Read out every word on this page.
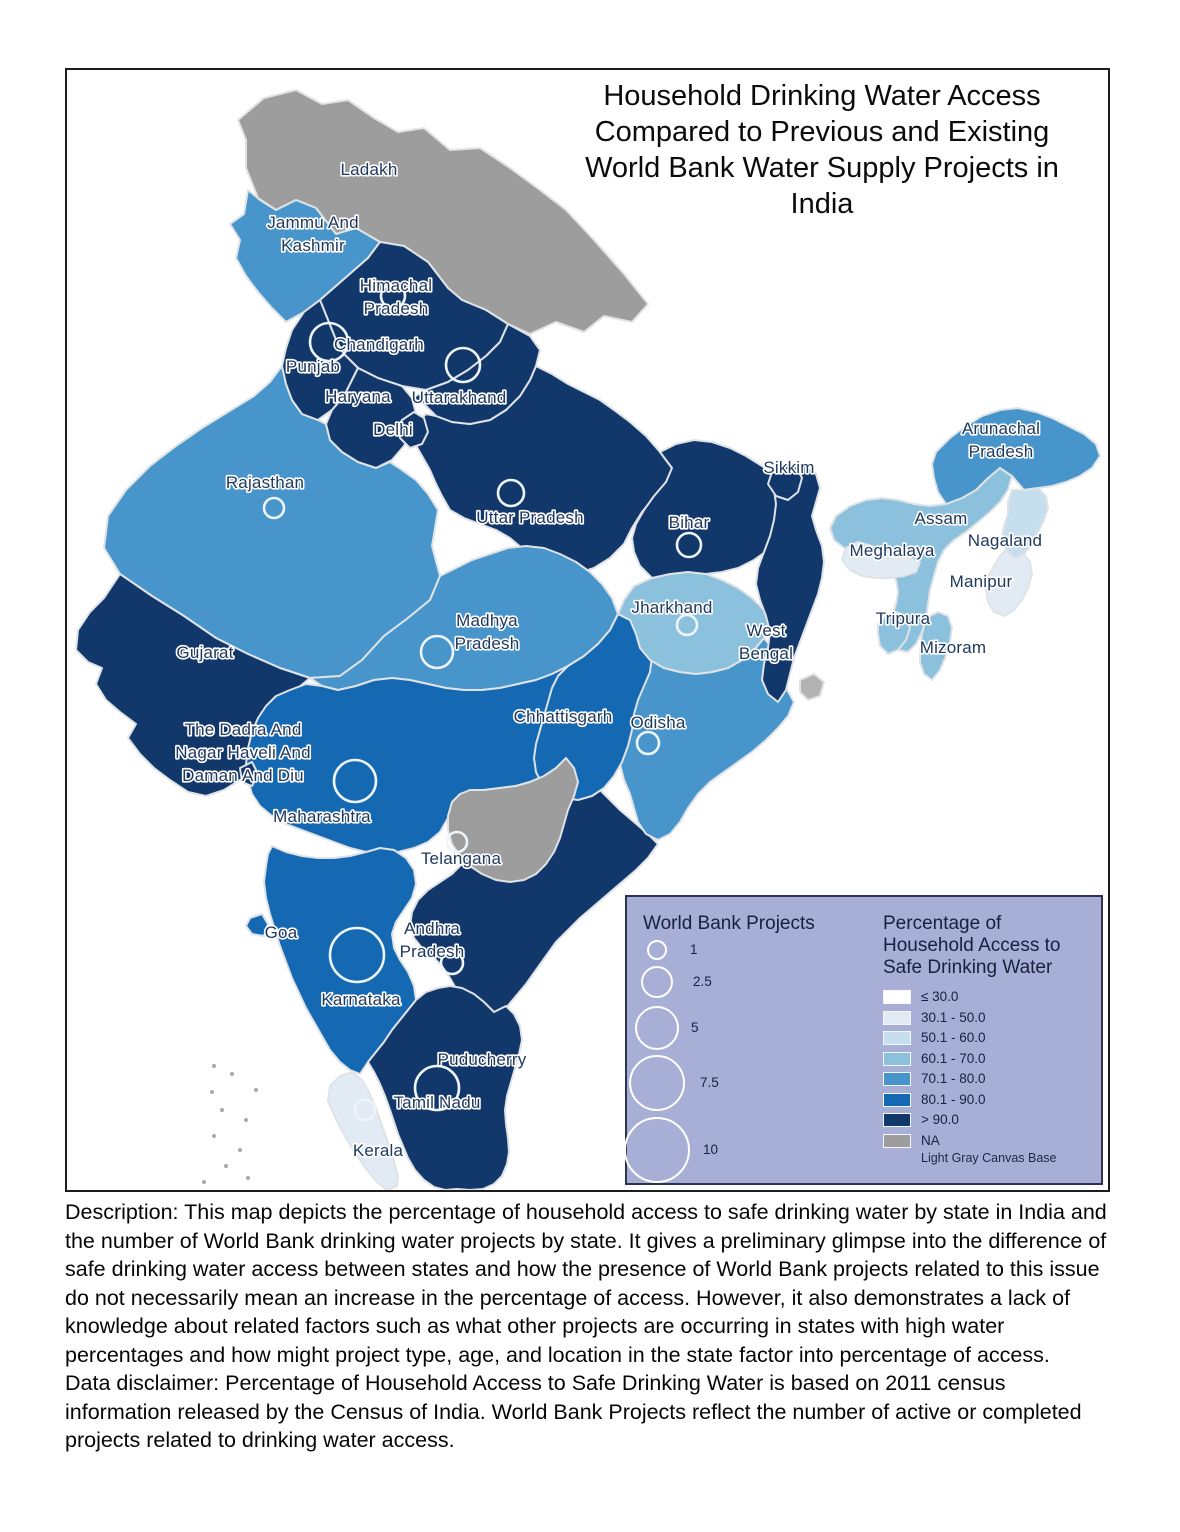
Ladakh
Jammu And Kashmir
Himachal Pradesh
Punjab
Chandigarh
Haryana Uttarakhand
Delhi
Rajasthan
Uttar Pradesh	Bihar
Sikkim
West Bengal
Jharkhand
Arunachal Pradesh
Assam
Meghalaya
Nagaland
Manipur
Tripura
Mizoram
Madhya Pradesh
Gujarat
Chhattisgarh Odisha
The Dadra And Nagar Haveli And Daman And Diu
Maharashtra
Telangana
Goa	Andhra Pradesh
Karnataka
Puducherry
Tamil Nadu
Kerala
Household Drinking Water Access
Compared to Previous and Existing
World Bank Water Supply Projects in
India
World Bank Projects
1
2.5
5
7.5
10
Percentage of
Household Access to
Safe Drinking Water
≤ 30.0
30.1 - 50.0
50.1 - 60.0
60.1 - 70.0
70.1 - 80.0
80.1 - 90.0
> 90.0
NA
Light Gray Canvas Base

Description: This map depicts the percentage of household access to safe drinking water by state in India and the number of World Bank drinking water projects by state. It gives a preliminary glimpse into the difference of safe drinking water access between states and how the presence of World Bank projects related to this issue do not necessarily mean an increase in the percentage of access. However, it also demonstrates a lack of knowledge about related factors such as what other projects are occurring in states with high water percentages and how might project type, age, and location in the state factor into percentage of access.

Data disclaimer: Percentage of Household Access to Safe Drinking Water is based on 2011 census information released by the Census of India. World Bank Projects reflect the number of active or completed projects related to drinking water access.
